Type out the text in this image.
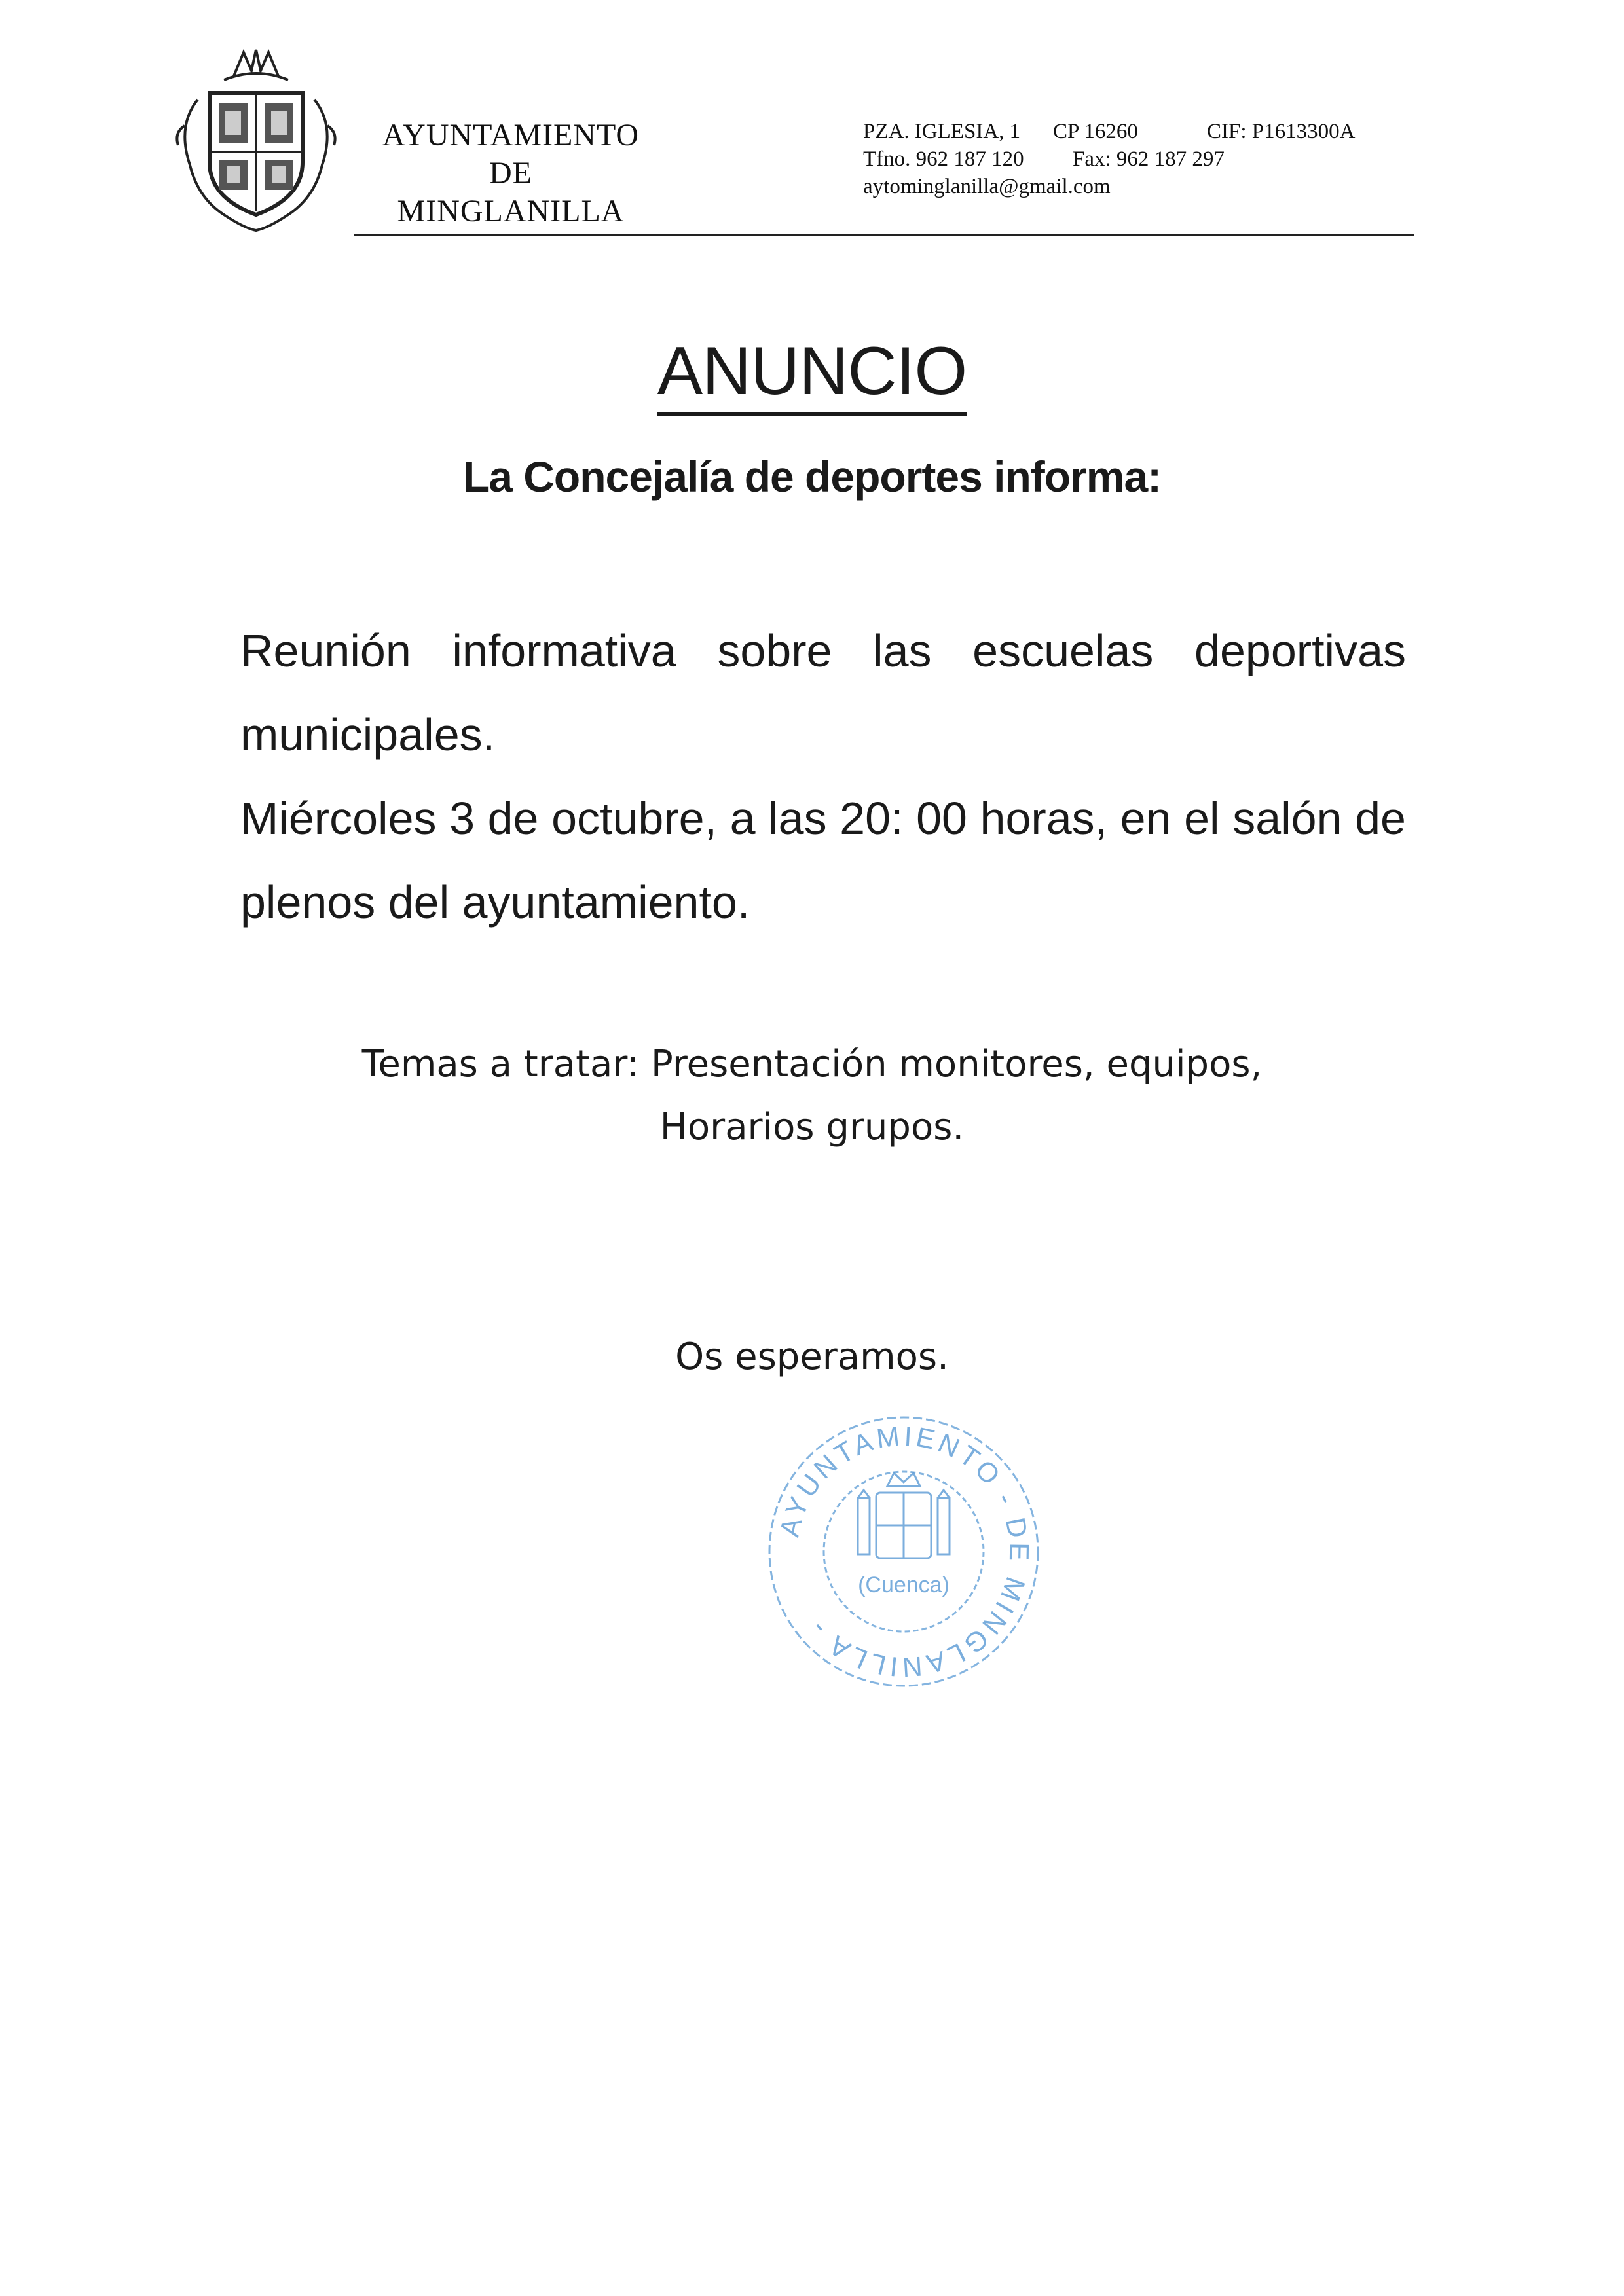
AYUNTAMIENTO
DE
MINGLANILLA
PZA. IGLESIA, 1 CP 16260	CIF: P1613300A
Tfno. 962 187 120 Fax: 962 187 297
aytominglanilla@gmail.com
ANUNCIO
La Concejalía de deportes informa:

Reunión informativa sobre las escuelas deportivas municipales.

Miércoles 3 de octubre, a las 20: 00 horas, en el salón de plenos del ayuntamiento.

Temas a tratar: Presentación monitores, equipos,
Horarios grupos.
Os esperamos.
AYUNTAMIENTO - DE MINGLANILLA -
(Cuenca)
